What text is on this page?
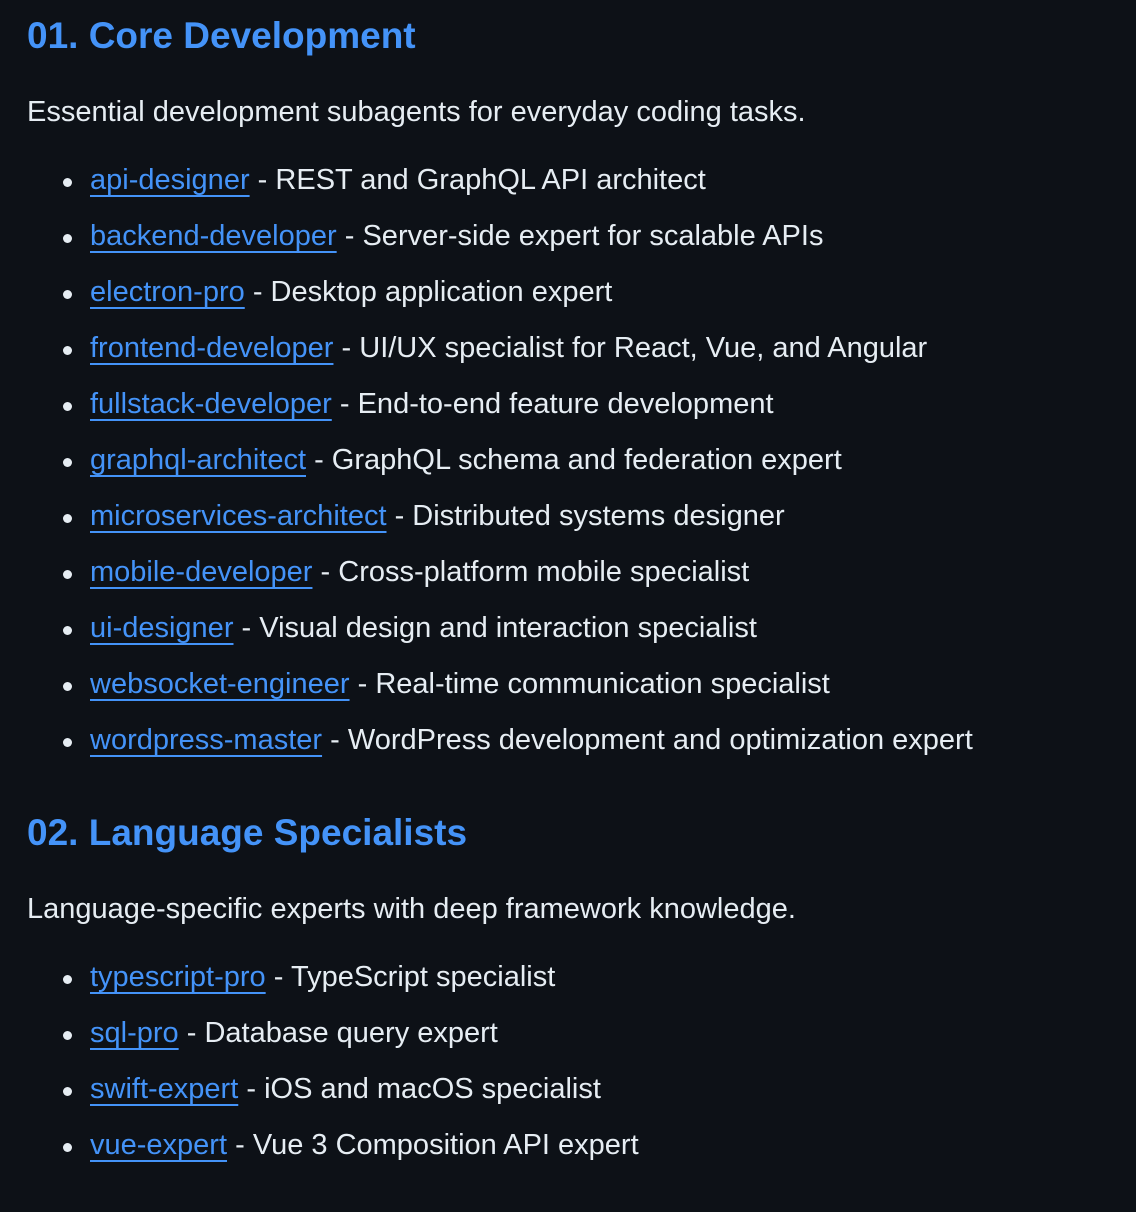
01. Core Development

Essential development subagents for everyday coding tasks.

api-designer - REST and GraphQL API architect
backend-developer - Server-side expert for scalable APIs
electron-pro - Desktop application expert
frontend-developer - UI/UX specialist for React, Vue, and Angular
fullstack-developer - End-to-end feature development
graphql-architect - GraphQL schema and federation expert
microservices-architect - Distributed systems designer
mobile-developer - Cross-platform mobile specialist
ui-designer - Visual design and interaction specialist
websocket-engineer - Real-time communication specialist
wordpress-master - WordPress development and optimization expert
02. Language Specialists

Language-specific experts with deep framework knowledge.

typescript-pro - TypeScript specialist
sql-pro - Database query expert
swift-expert - iOS and macOS specialist
vue-expert - Vue 3 Composition API expert
